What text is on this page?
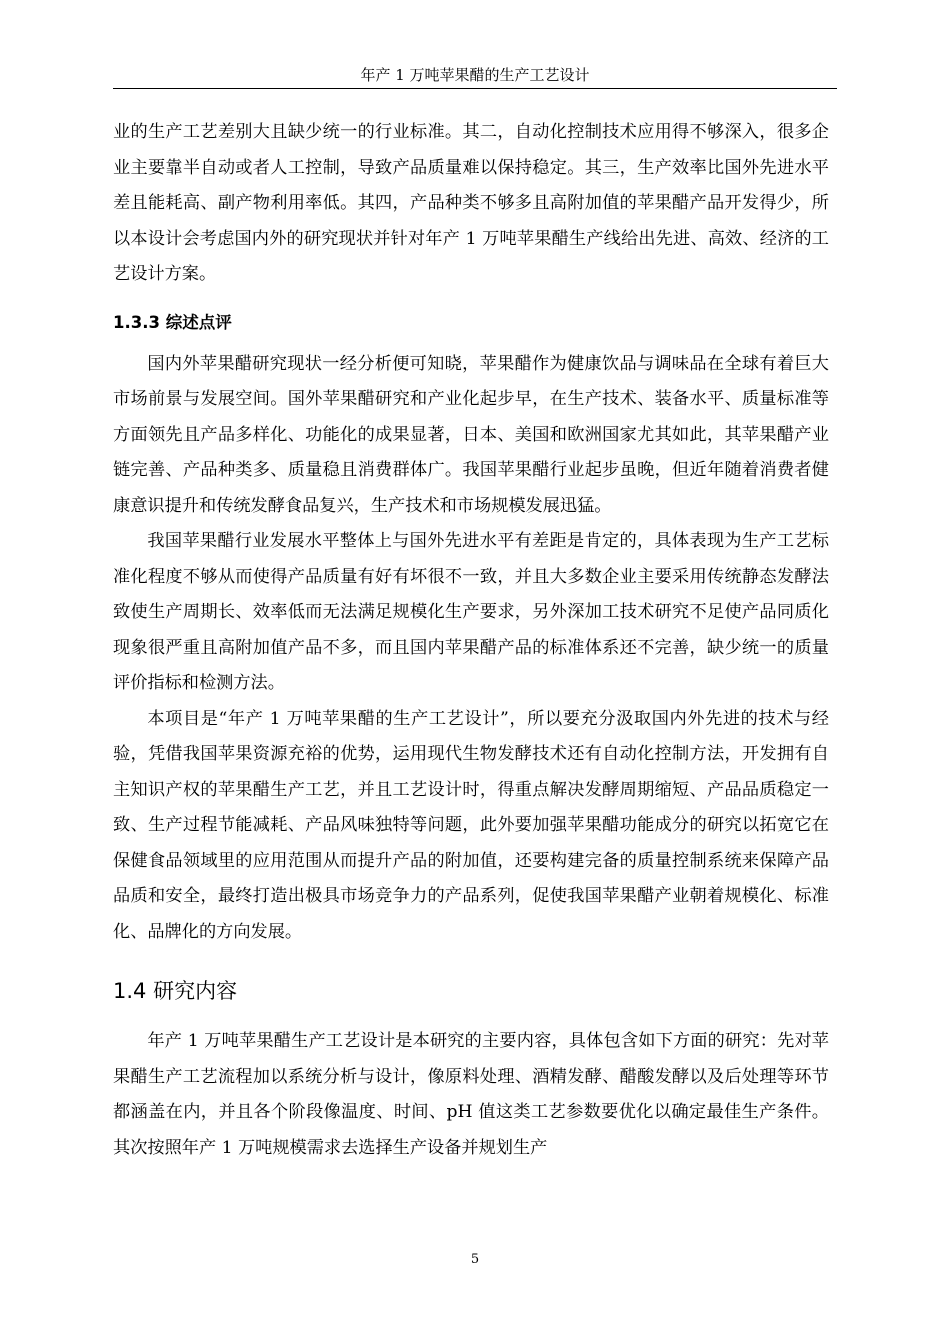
年产 1 万吨苹果醋的生产工艺设计

业的生产工艺差别大且缺少统一的行业标准。其二，自动化控制技术应用得不够深入，很多企业主要靠半自动或者人工控制，导致产品质量难以保持稳定。其三，生产效率比国外先进水平差且能耗高、副产物利用率低。其四，产品种类不够多且高附加值的苹果醋产品开发得少，所以本设计会考虑国内外的研究现状并针对年产 1 万吨苹果醋生产线给出先进、高效、经济的工艺设计方案。

1.3.3 综述点评

国内外苹果醋研究现状一经分析便可知晓，苹果醋作为健康饮品与调味品在全球有着巨大市场前景与发展空间。国外苹果醋研究和产业化起步早，在生产技术、装备水平、质量标准等方面领先且产品多样化、功能化的成果显著，日本、美国和欧洲国家尤其如此，其苹果醋产业链完善、产品种类多、质量稳且消费群体广。我国苹果醋行业起步虽晚，但近年随着消费者健康意识提升和传统发酵食品复兴，生产技术和市场规模发展迅猛。

我国苹果醋行业发展水平整体上与国外先进水平有差距是肯定的，具体表现为生产工艺标准化程度不够从而使得产品质量有好有坏很不一致，并且大多数企业主要采用传统静态发酵法致使生产周期长、效率低而无法满足规模化生产要求，另外深加工技术研究不足使产品同质化现象很严重且高附加值产品不多，而且国内苹果醋产品的标准体系还不完善，缺少统一的质量评价指标和检测方法。

本项目是“年产 1 万吨苹果醋的生产工艺设计”，所以要充分汲取国内外先进的技术与经验，凭借我国苹果资源充裕的优势，运用现代生物发酵技术还有自动化控制方法，开发拥有自主知识产权的苹果醋生产工艺，并且工艺设计时，得重点解决发酵周期缩短、产品品质稳定一致、生产过程节能减耗、产品风味独特等问题，此外要加强苹果醋功能成分的研究以拓宽它在保健食品领域里的应用范围从而提升产品的附加值，还要构建完备的质量控制系统来保障产品品质和安全，最终打造出极具市场竞争力的产品系列，促使我国苹果醋产业朝着规模化、标准化、品牌化的方向发展。

1.4 研究内容

年产 1 万吨苹果醋生产工艺设计是本研究的主要内容，具体包含如下方面的研究：先对苹果醋生产工艺流程加以系统分析与设计，像原料处理、酒精发酵、醋酸发酵以及后处理等环节都涵盖在内，并且各个阶段像温度、时间、pH 值这类工艺参数要优化以确定最佳生产条件。其次按照年产 1 万吨规模需求去选择生产设备并规划生产

5
